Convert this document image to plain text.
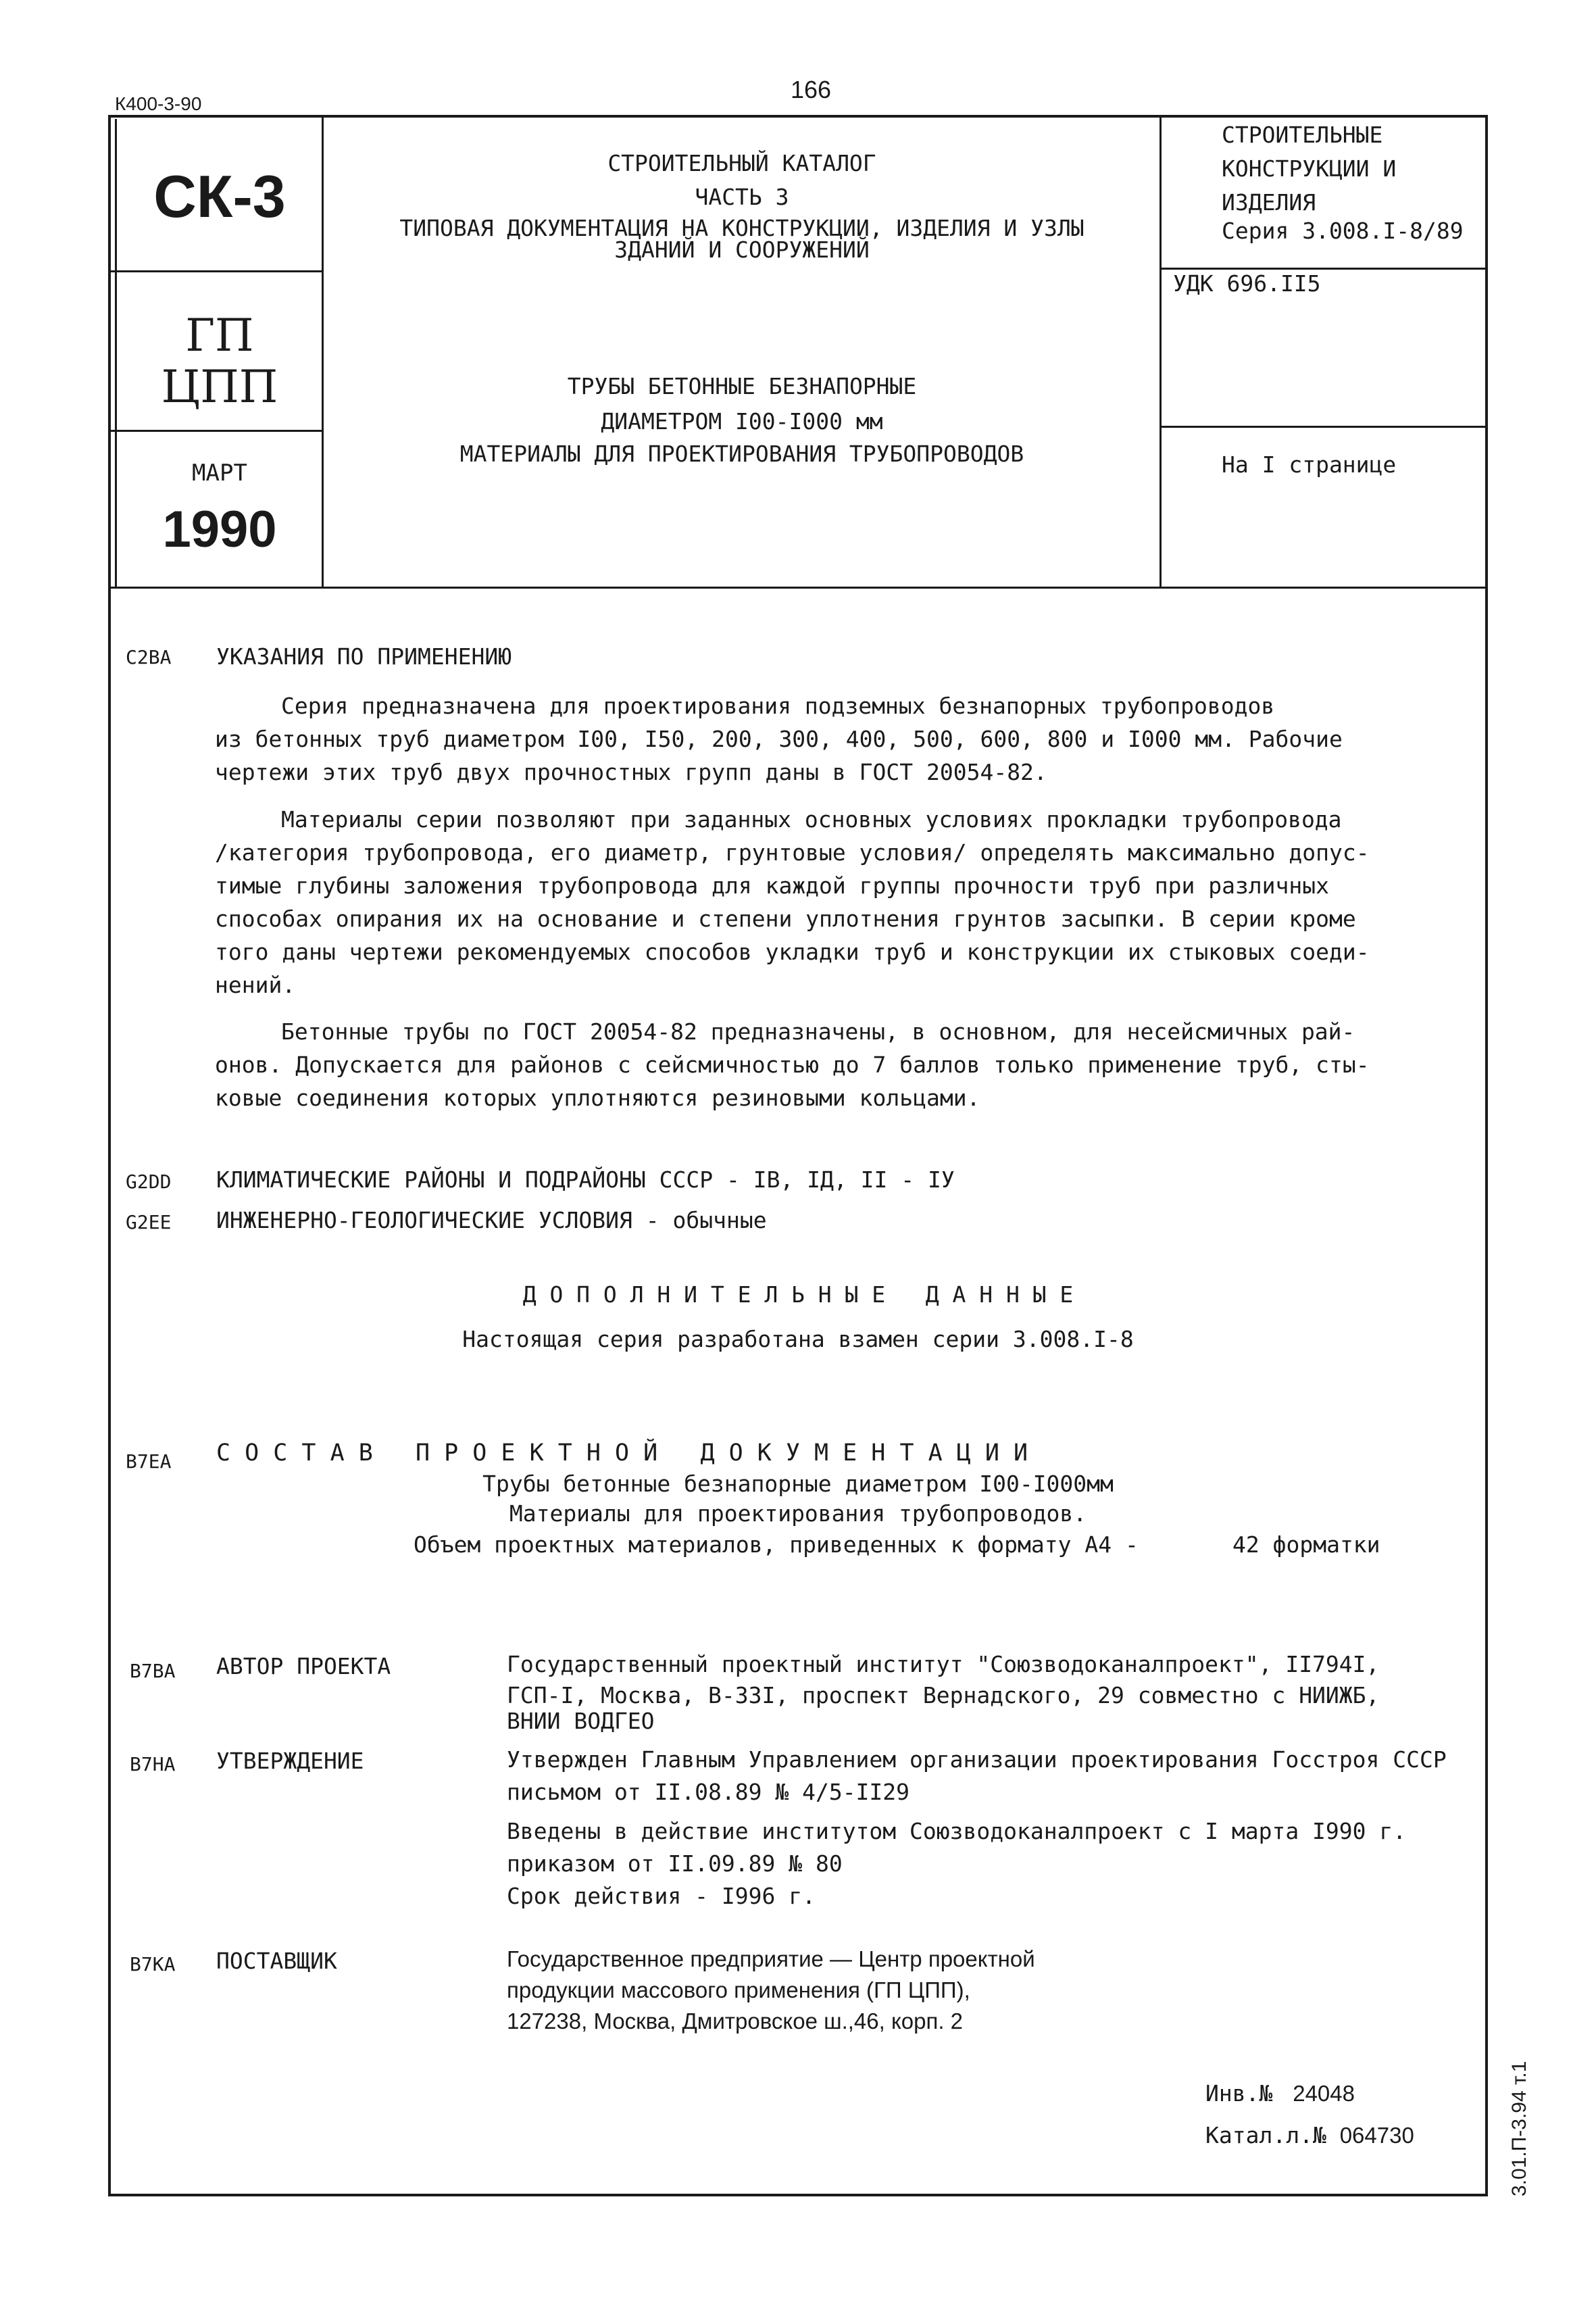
К400-3-90
166
СК-3
ГП
ЦПП
МАРТ
1990
СТРОИТЕЛЬНЫЙ КАТАЛОГ
ЧАСТЬ 3
ТИПОВАЯ ДОКУМЕНТАЦИЯ НА КОНСТРУКЦИИ, ИЗДЕЛИЯ И УЗЛЫ
ЗДАНИЙ И СООРУЖЕНИЙ
ТРУБЫ БЕТОННЫЕ БЕЗНАПОРНЫЕ
ДИАМЕТРОМ I00-I000 мм
МАТЕРИАЛЫ ДЛЯ ПРОЕКТИРОВАНИЯ ТРУБОПРОВОДОВ
СТРОИТЕЛЬНЫЕ
КОНСТРУКЦИИ И
ИЗДЕЛИЯ
Серия 3.008.I-8/89
УДК 696.II5
На I странице
C2BA УКАЗАНИЯ ПО ПРИМЕНЕНИЮ
Серия предназначена для проектирования подземных безнапорных трубопроводов
из бетонных труб диаметром I00, I50, 200, 300, 400, 500, 600, 800 и I000 мм. Рабочие
чертежи этих труб двух прочностных групп даны в ГОСТ 20054-82.
Материалы серии позволяют при заданных основных условиях прокладки трубопровода
/категория трубопровода, его диаметр, грунтовые условия/ определять максимально допус-
тимые глубины заложения трубопровода для каждой группы прочности труб при различных
способах опирания их на основание и степени уплотнения грунтов засыпки. В серии кроме
того даны чертежи рекомендуемых способов укладки труб и конструкции их стыковых соеди-
нений.
Бетонные трубы по ГОСТ 20054-82 предназначены, в основном, для несейсмичных рай-
онов. Допускается для районов с сейсмичностью до 7 баллов только применение труб, сты-
ковые соединения которых уплотняются резиновыми кольцами.
G2DD КЛИМАТИЧЕСКИЕ РАЙОНЫ И ПОДРАЙОНЫ СССР - IВ, IД, II - IУ
G2EE ИНЖЕНЕРНО-ГЕОЛОГИЧЕСКИЕ УСЛОВИЯ - обычные
Д О П О Л Н И Т Е Л Ь Н Ы Е   Д А Н Н Ы Е
Настоящая серия разработана взамен серии 3.008.I-8
B7EA С О С Т А В   П Р О Е К Т Н О Й   Д О К У М Е Н Т А Ц И И
Трубы бетонные безнапорные диаметром I00-I000мм
Материалы для проектирования трубопроводов.
Объем проектных материалов, приведенных к формату А4 -	42 форматки
B7BA АВТОР ПРОЕКТА	Государственный проектный институт "Союзводоканалпроект", II794I,
ГСП-I, Москва, В-33I, проспект Вернадского, 29 совместно с НИИЖБ,
ВНИИ ВОДГЕО
B7HA УТВЕРЖДЕНИЕ	Утвержден Главным Управлением организации проектирования Госстроя СССР
письмом от II.08.89 № 4/5-II29
Введены в действие институтом Союзводоканалпроект с I марта I990 г.
приказом от II.09.89 № 80
Срок действия - I996 г.
B7KA ПОСТАВЩИК	Государственное предприятие — Центр проектной
продукции массового применения (ГП ЦПП),
127238, Москва, Дмитровское ш.,46, корп. 2
Инв.№ 24048
Катал.л.№ 064730	3.01.П-3.94 т.1
